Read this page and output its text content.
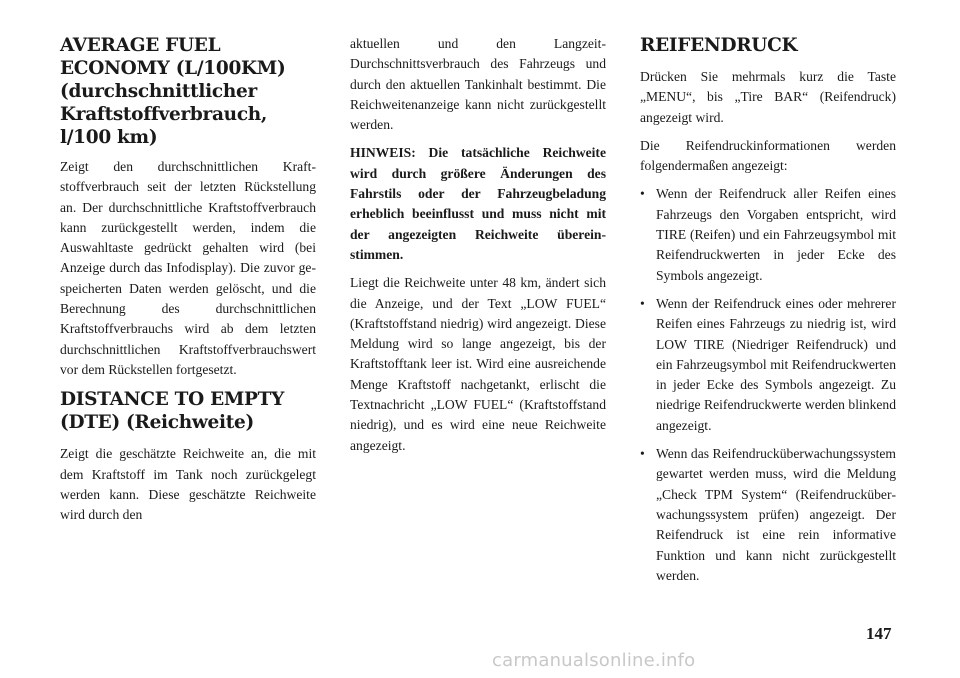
AVERAGE FUEL ECONOMY (L/100KM) (durchschnittlicher Kraftstoffverbrauch, l/100 km)

Zeigt den durchschnittlichen Kraftstoffverbrauch seit der letzten Rückstellung an. Der durchschnittliche Kraftstoffverbrauch kann zurückgestellt werden, indem die Auswahltaste gedrückt gehalten wird (bei Anzeige durch das Infodisplay). Die zuvor gespeicherten Daten werden gelöscht, und die Berechnung des durchschnittlichen Kraftstoffverbrauchs wird ab dem letzten durchschnittlichen Kraftstoffverbrauchswert vor dem Rückstellen fortgesetzt.

DISTANCE TO EMPTY (DTE) (Reichweite)

Zeigt die geschätzte Reichweite an, die mit dem Kraftstoff im Tank noch zurückgelegt werden kann. Diese geschätzte Reichweite wird durch den

aktuellen und den Langzeit-Durchschnittsverbrauch des Fahrzeugs und durch den aktuellen Tankinhalt bestimmt. Die Reichweitenanzeige kann nicht zurückgestellt werden.

HINWEIS: Die tatsächliche Reichweite wird durch größere Änderungen des Fahrstils oder der Fahrzeugbeladung erheblich beeinflusst und muss nicht mit der angezeigten Reichweite übereinstimmen.

Liegt die Reichweite unter 48 km, ändert sich die Anzeige, und der Text „LOW FUEL“ (Kraftstoffstand niedrig) wird angezeigt. Diese Meldung wird so lange angezeigt, bis der Kraftstofftank leer ist. Wird eine ausreichende Menge Kraftstoff nachgetankt, erlischt die Textnachricht „LOW FUEL“ (Kraftstoffstand niedrig), und es wird eine neue Reichweite angezeigt.

REIFENDRUCK

Drücken Sie mehrmals kurz die Taste „MENU“, bis „Tire BAR“ (Reifendruck) angezeigt wird.

Die Reifendruckinformationen werden folgendermaßen angezeigt:

• Wenn der Reifendruck aller Reifen eines Fahrzeugs den Vorgaben entspricht, wird TIRE (Reifen) und ein Fahrzeugsymbol mit Reifendruckwerten in jeder Ecke des Symbols angezeigt.
• Wenn der Reifendruck eines oder mehrerer Reifen eines Fahrzeugs zu niedrig ist, wird LOW TIRE (Niedriger Reifendruck) und ein Fahrzeugsymbol mit Reifendruckwerten in jeder Ecke des Symbols angezeigt. Zu niedrige Reifendruckwerte werden blinkend angezeigt.
• Wenn das Reifendrucküberwachungssystem gewartet werden muss, wird die Meldung „Check TPM System“ (Reifendrucküberwachungssystem prüfen) angezeigt. Der Reifendruck ist eine rein informative Funktion und kann nicht zurückgestellt werden.
147
carmanualsonline.info
